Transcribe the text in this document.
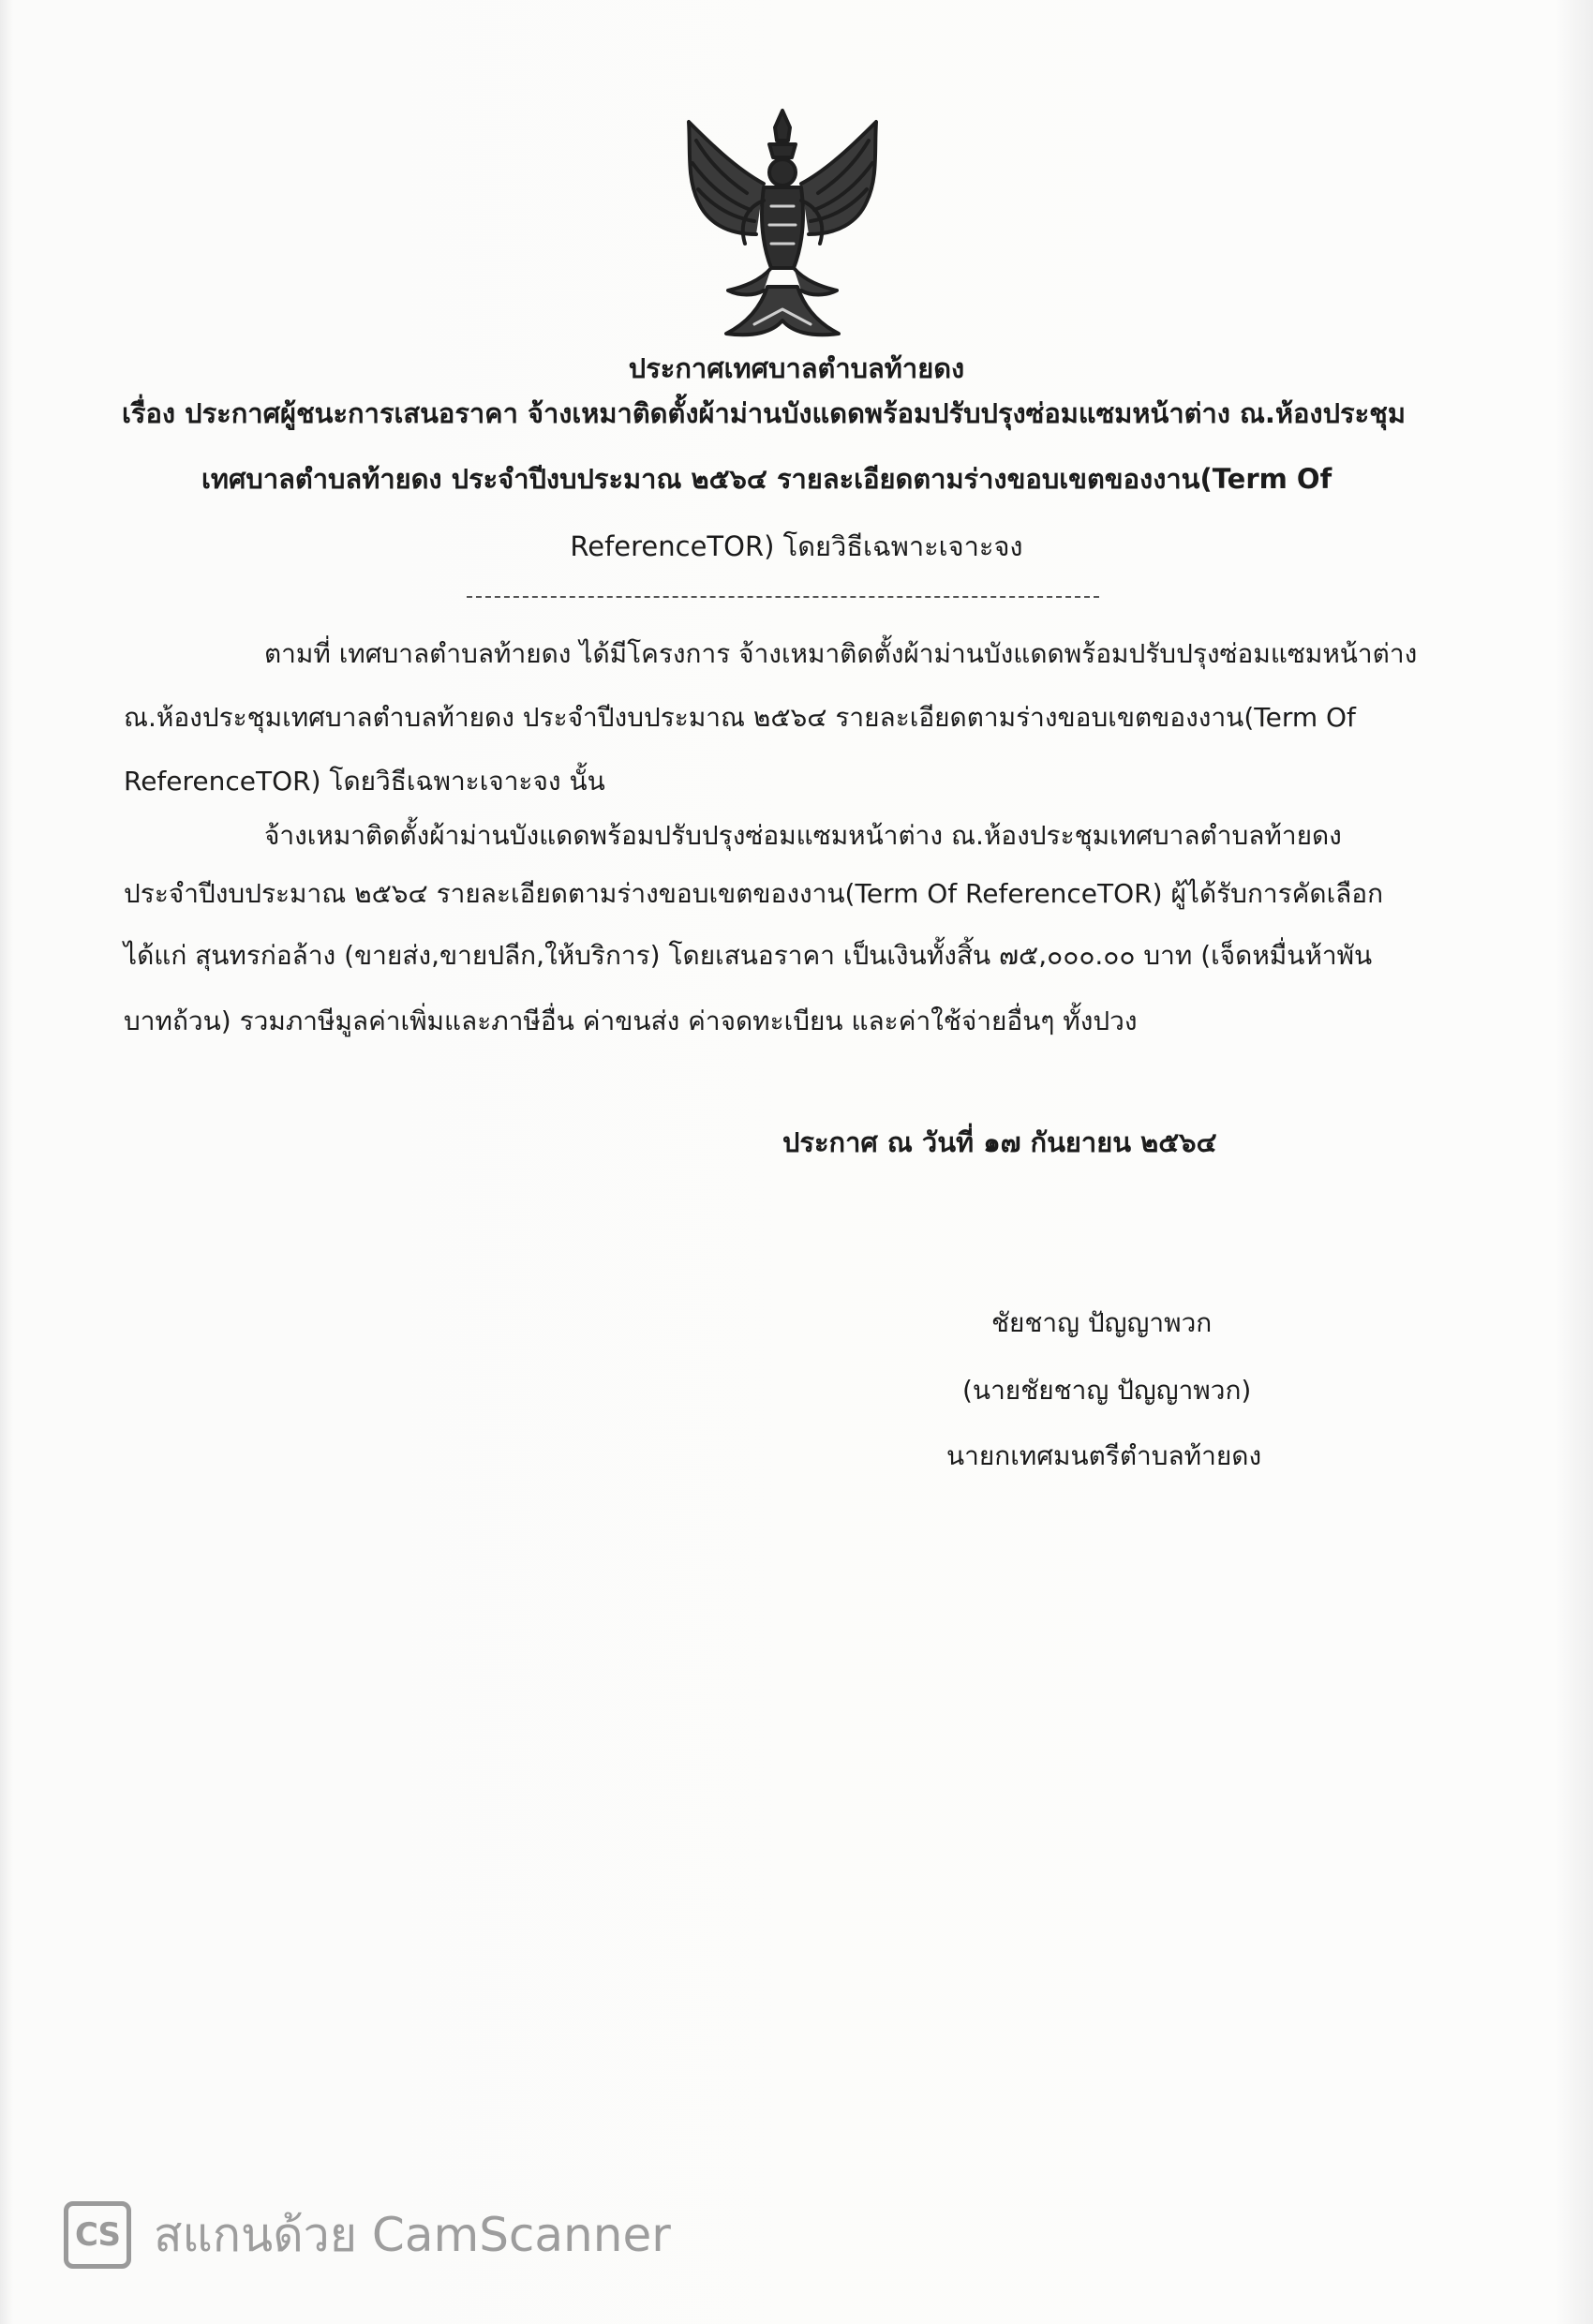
ประกาศเทศบาลตำบลท้ายดง
เรื่อง ประกาศผู้ชนะการเสนอราคา จ้างเหมาติดตั้งผ้าม่านบังแดดพร้อมปรับปรุงซ่อมแซมหน้าต่าง ณ.ห้องประชุม
เทศบาลตำบลท้ายดง ประจำปีงบประมาณ ๒๕๖๔ รายละเอียดตามร่างขอบเขตของงาน(Term Of
ReferenceTOR) โดยวิธีเฉพาะเจาะจง
ตามที่ เทศบาลตำบลท้ายดง ได้มีโครงการ จ้างเหมาติดตั้งผ้าม่านบังแดดพร้อมปรับปรุงซ่อมแซมหน้าต่าง
ณ.ห้องประชุมเทศบาลตำบลท้ายดง ประจำปีงบประมาณ ๒๕๖๔ รายละเอียดตามร่างขอบเขตของงาน(Term Of
ReferenceTOR) โดยวิธีเฉพาะเจาะจง นั้น
จ้างเหมาติดตั้งผ้าม่านบังแดดพร้อมปรับปรุงซ่อมแซมหน้าต่าง ณ.ห้องประชุมเทศบาลตำบลท้ายดง
ประจำปีงบประมาณ ๒๕๖๔ รายละเอียดตามร่างขอบเขตของงาน(Term Of ReferenceTOR) ผู้ได้รับการคัดเลือก
ได้แก่ สุนทรก่อล้าง (ขายส่ง,ขายปลีก,ให้บริการ) โดยเสนอราคา เป็นเงินทั้งสิ้น ๗๕,๐๐๐.๐๐ บาท (เจ็ดหมื่นห้าพัน
บาทถ้วน) รวมภาษีมูลค่าเพิ่มและภาษีอื่น ค่าขนส่ง ค่าจดทะเบียน และค่าใช้จ่ายอื่นๆ ทั้งปวง
ประกาศ ณ วันที่ ๑๗ กันยายน ๒๕๖๔
ชัยชาญ ปัญญาพวก
(นายชัยชาญ ปัญญาพวก)
นายกเทศมนตรีตำบลท้ายดง
CS สแกนด้วย CamScanner
